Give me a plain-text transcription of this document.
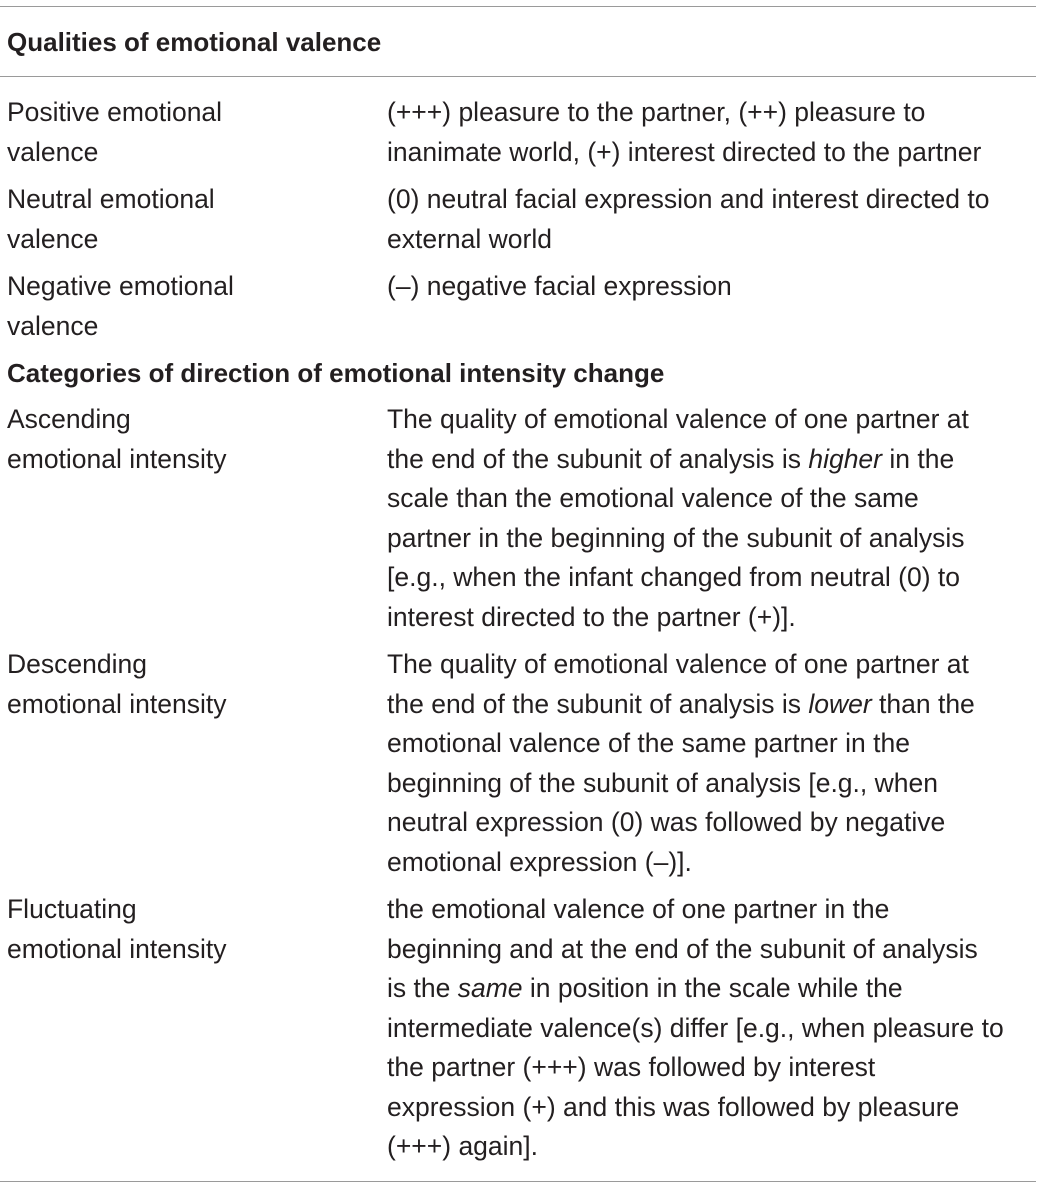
Qualities of emotional valence
Positive emotional
valence
(+++) pleasure to the partner, (++) pleasure to
inanimate world, (+) interest directed to the partner
Neutral emotional
valence
(0) neutral facial expression and interest directed to
external world
Negative emotional
valence
(–) negative facial expression
Categories of direction of emotional intensity change
Ascending
emotional intensity
The quality of emotional valence of one partner at
the end of the subunit of analysis is higher in the
scale than the emotional valence of the same
partner in the beginning of the subunit of analysis
[e.g., when the infant changed from neutral (0) to
interest directed to the partner (+)].
Descending
emotional intensity
The quality of emotional valence of one partner at
the end of the subunit of analysis is lower than the
emotional valence of the same partner in the
beginning of the subunit of analysis [e.g., when
neutral expression (0) was followed by negative
emotional expression (–)].
Fluctuating
emotional intensity
the emotional valence of one partner in the
beginning and at the end of the subunit of analysis
is the same in position in the scale while the
intermediate valence(s) differ [e.g., when pleasure to
the partner (+++) was followed by interest
expression (+) and this was followed by pleasure
(+++) again].
